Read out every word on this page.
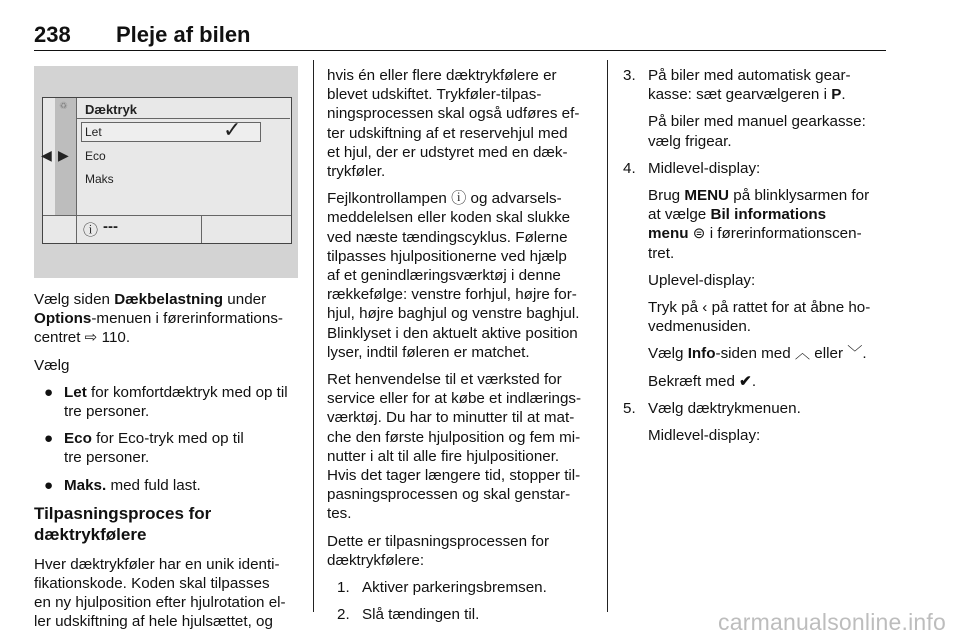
238 Pleje af bilen
◀ ▶
♽ Dæktryk
Let	✓
Eco
Maks
ⓘ ---

Vælg siden Dækbelastning under
Options-menuen i førerinformations-
centret ⇨ 110.

Vælg

● Let for komfortdæktryk med op til
tre personer.
● Eco for Eco-tryk med op til
tre personer.
● Maks. med fuld last.
Tilpasningsproces for
dæktrykfølere

Hver dæktrykføler har en unik identi-
fikationskode. Koden skal tilpasses
en ny hjulposition efter hjulrotation el-
ler udskiftning af hele hjulsættet, og

hvis én eller flere dæktrykfølere er
blevet udskiftet. Trykføler-tilpas-
ningsprocessen skal også udføres ef-
ter udskiftning af et reservehjul med
et hjul, der er udstyret med en dæk-
trykføler.

Fejlkontrollampen ⓘ og advarsels-
meddelelsen eller koden skal slukke
ved næste tændingscyklus. Følerne
tilpasses hjulpositionerne ved hjælp
af et genindlæringsværktøj i denne
rækkefølge: venstre forhjul, højre for-
hjul, højre baghjul og venstre baghjul.
Blinklyset i den aktuelt aktive position
lyser, indtil føleren er matchet.

Ret henvendelse til et værksted for
service eller for at købe et indlærings-
værktøj. Du har to minutter til at mat-
che den første hjulposition og fem mi-
nutter i alt til alle fire hjulpositioner.
Hvis det tager længere tid, stopper til-
pasningsprocessen og skal genstar-
tes.

Dette er tilpasningsprocessen for
dæktrykfølere:

1. Aktiver parkeringsbremsen.
2. Slå tændingen til.
3. På biler med automatisk gear-
kasse: sæt gearvælgeren i P.

På biler med manuel gearkasse:
vælg frigear.

4. Midlevel-display:

Brug MENU på blinklysarmen for
at vælge Bil informations
menu ⊜ i førerinformationscen-
tret.

Uplevel-display:

Tryk på ‹ på rattet for at åbne ho-
vedmenusiden.

Vælg Info-siden med ︿ eller ﹀.

Bekræft med ✔.

5. Vælg dæktrykmenuen.

Midlevel-display:

carmanualsonline.info
